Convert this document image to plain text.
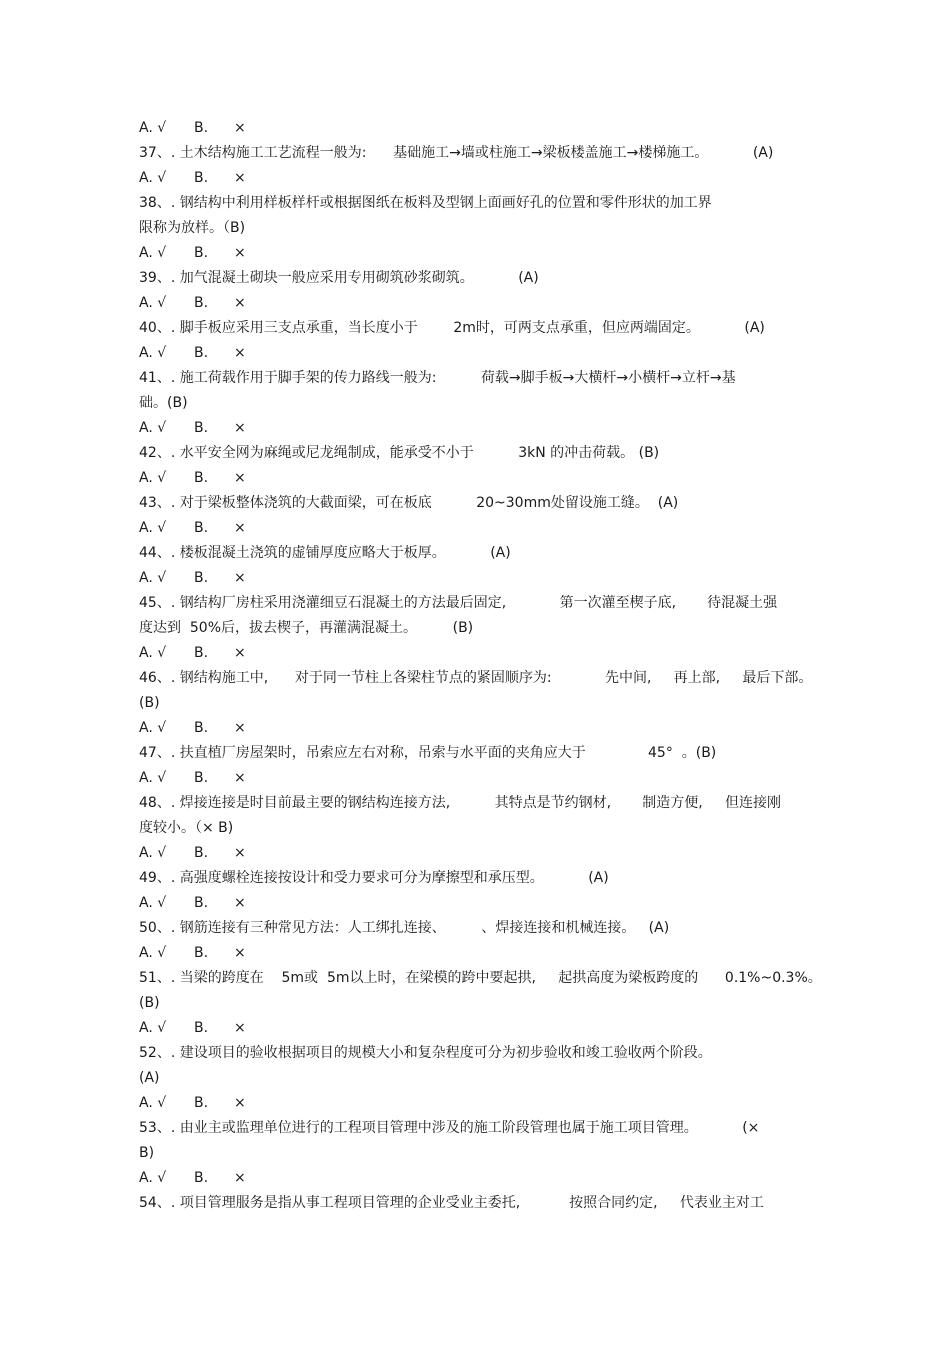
A. √ B. ×
37、. 土木结构施工工艺流程一般为:      基础施工→墙或柱施工→梁板楼盖施工→楼梯施工。          (A)
A. √ B. ×
38、. 钢结构中利用样板样杆或根据图纸在板料及型钢上面画好孔的位置和零件形状的加工界
限称为放样。（B)
A. √ B. ×
39、. 加气混凝土砌块一般应采用专用砌筑砂浆砌筑。          (A)
A. √ B. ×
40、. 脚手板应采用三支点承重，当长度小于        2m时，可两支点承重，但应两端固定。          (A)
A. √ B. ×
41、. 施工荷载作用于脚手架的传力路线一般为:          荷载→脚手板→大横杆→小横杆→立杆→基
础。(B)
A. √ B. ×
42、. 水平安全网为麻绳或尼龙绳制成，能承受不小于          3kN 的冲击荷载。 (B)
A. √ B. ×
43、. 对于梁板整体浇筑的大截面梁，可在板底          20~30mm处留设施工缝。  (A)
A. √ B. ×
44、. 楼板混凝土浇筑的虚铺厚度应略大于板厚。          (A)
A. √ B. ×
45、. 钢结构厂房柱采用浇灌细豆石混凝土的方法最后固定,            第一次灌至楔子底,       待混凝土强
度达到  50%后，拔去楔子，再灌满混凝土。        (B)
A. √ B. ×
46、. 钢结构施工中,      对于同一节柱上各梁柱节点的紧固顺序为:            先中间,     再上部,     最后下部。
(B)
A. √ B. ×
47、. 扶直植厂房屋架时，吊索应左右对称，吊索与水平面的夹角应大于              45°  。(B)
A. √ B. ×
48、. 焊接连接是时目前最主要的钢结构连接方法,          其特点是节约钢材,       制造方便,     但连接刚
度较小。（× B)
A. √ B. ×
49、. 高强度螺栓连接按设计和受力要求可分为摩擦型和承压型。          (A)
A. √ B. ×
50、. 钢筋连接有三种常见方法：人工绑扎连接、        、焊接连接和机械连接。   (A)
A. √ B. ×
51、. 当梁的跨度在    5m或  5m以上时，在梁模的跨中要起拱,     起拱高度为梁板跨度的      0.1%~0.3%。
(B)
A. √ B. ×
52、. 建设项目的验收根据项目的规模大小和复杂程度可分为初步验收和竣工验收两个阶段。
(A)
A. √ B. ×
53、. 由业主或监理单位进行的工程项目管理中涉及的施工阶段管理也属于施工项目管理。          (×
B)
A. √ B. ×
54、. 项目管理服务是指从事工程项目管理的企业受业主委托,           按照合同约定,     代表业主对工
